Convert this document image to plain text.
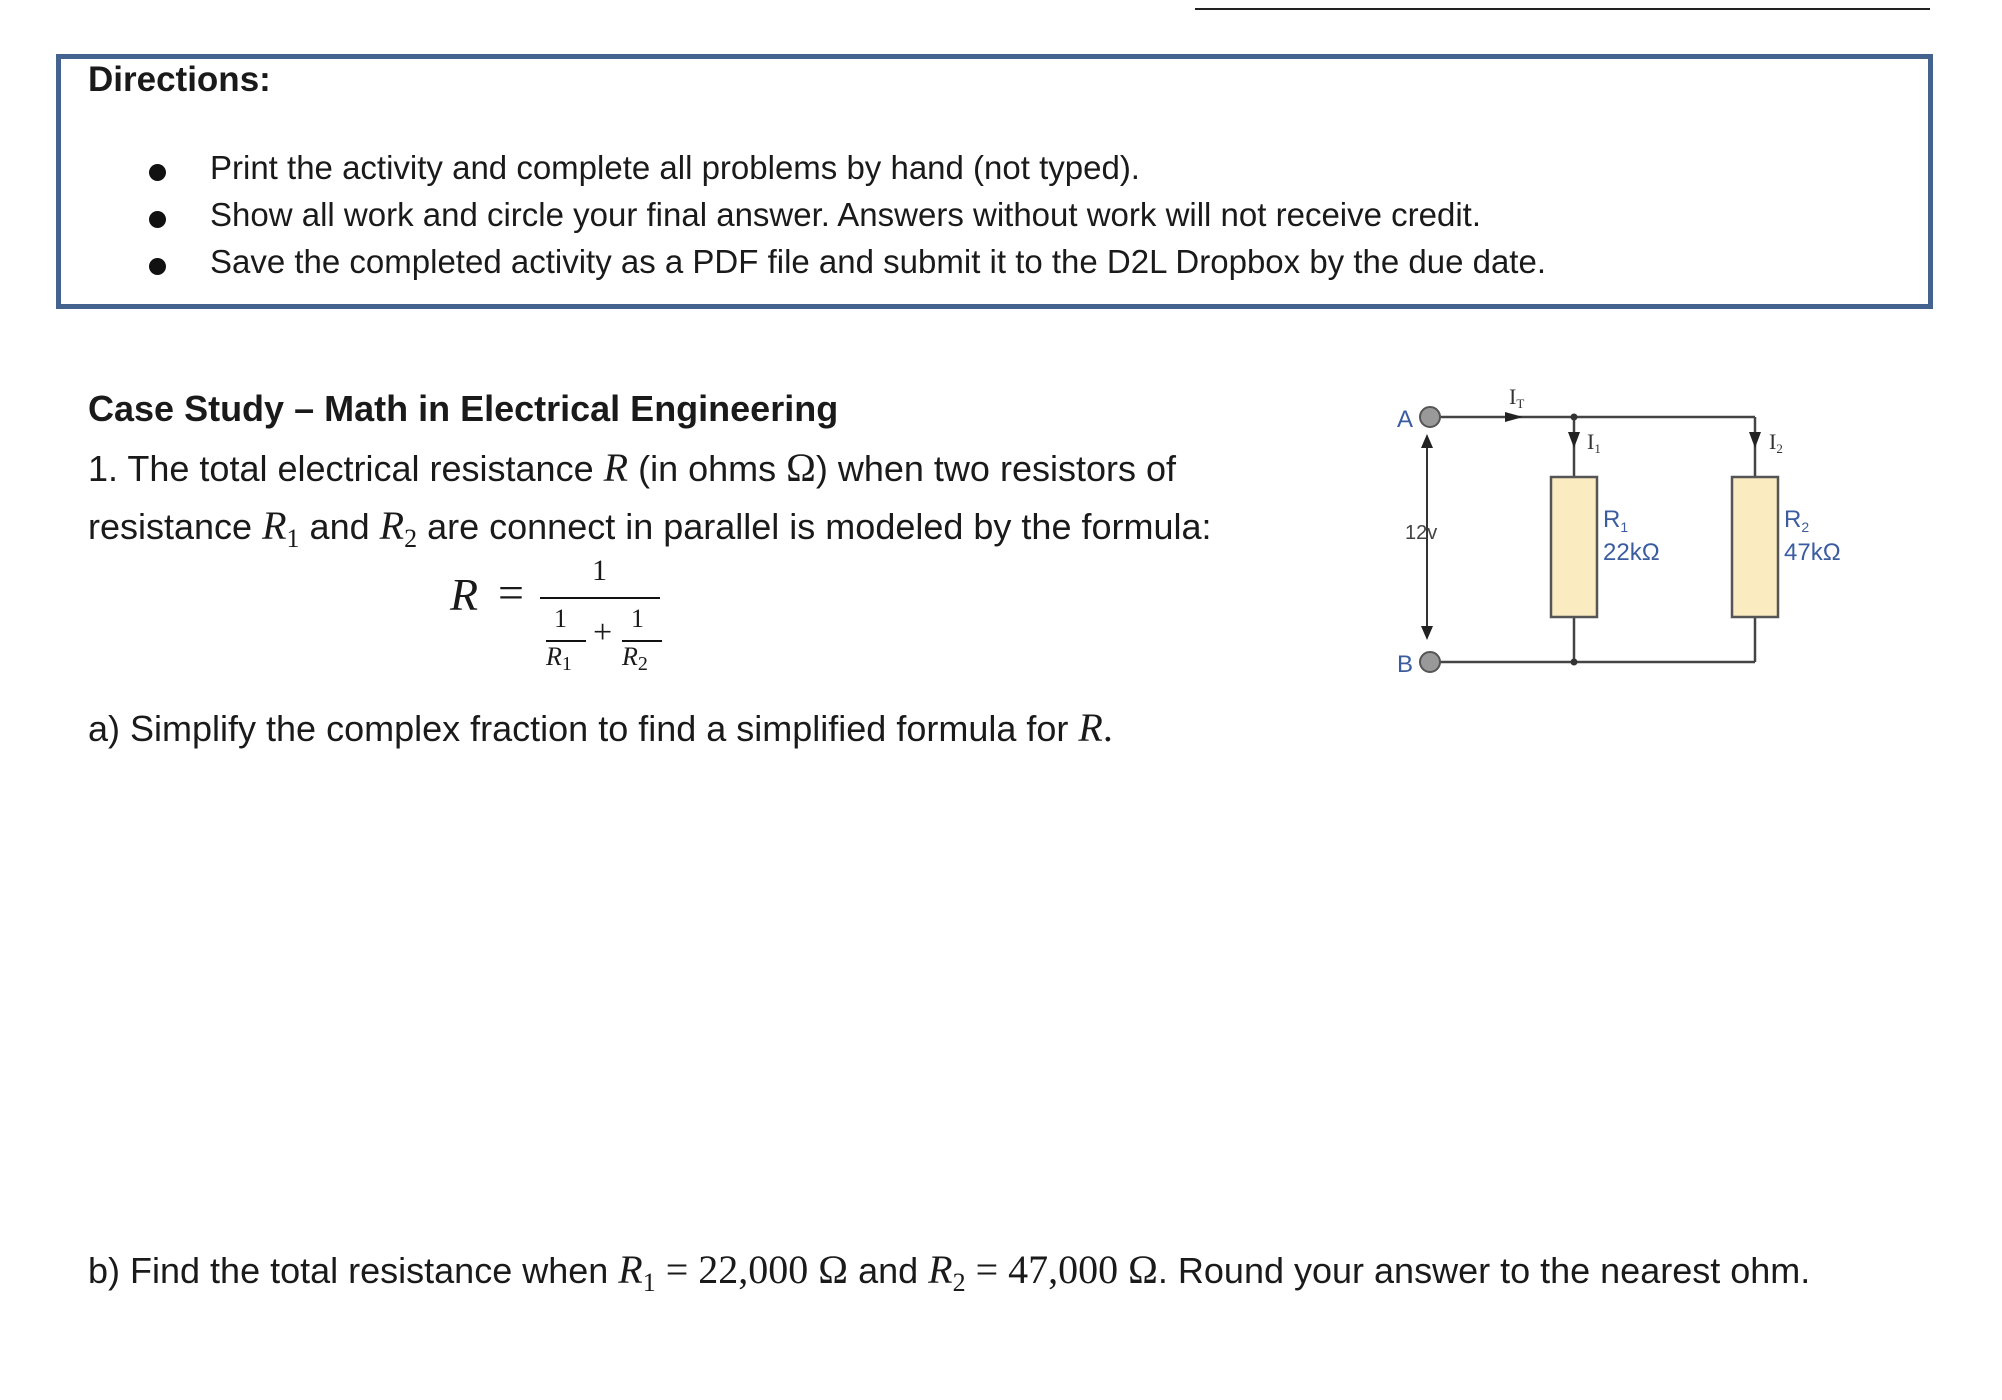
Directions:
Print the activity and complete all problems by hand (not typed).
Show all work and circle your final answer. Answers without work will not receive credit.
Save the completed activity as a PDF file and submit it to the D2L Dropbox by the due date.
Case Study – Math in Electrical Engineering
1. The total electrical resistance R (in ohms Ω) when two resistors of
resistance $R_1$ and $R_2$ are connect in parallel is modeled by the formula:
R = 1
1 1
+
$R_1$ $R_2$
a) Simplify the complex fraction to find a simplified formula for R.
b) Find the total resistance when $R_1 = 22,000$ Ω and $R_2 = 47,000$ Ω. Round your answer to the nearest ohm.
A
B
12v	$R_1$
22kΩ
$R_2$
47kΩ
IT
I1	I2
